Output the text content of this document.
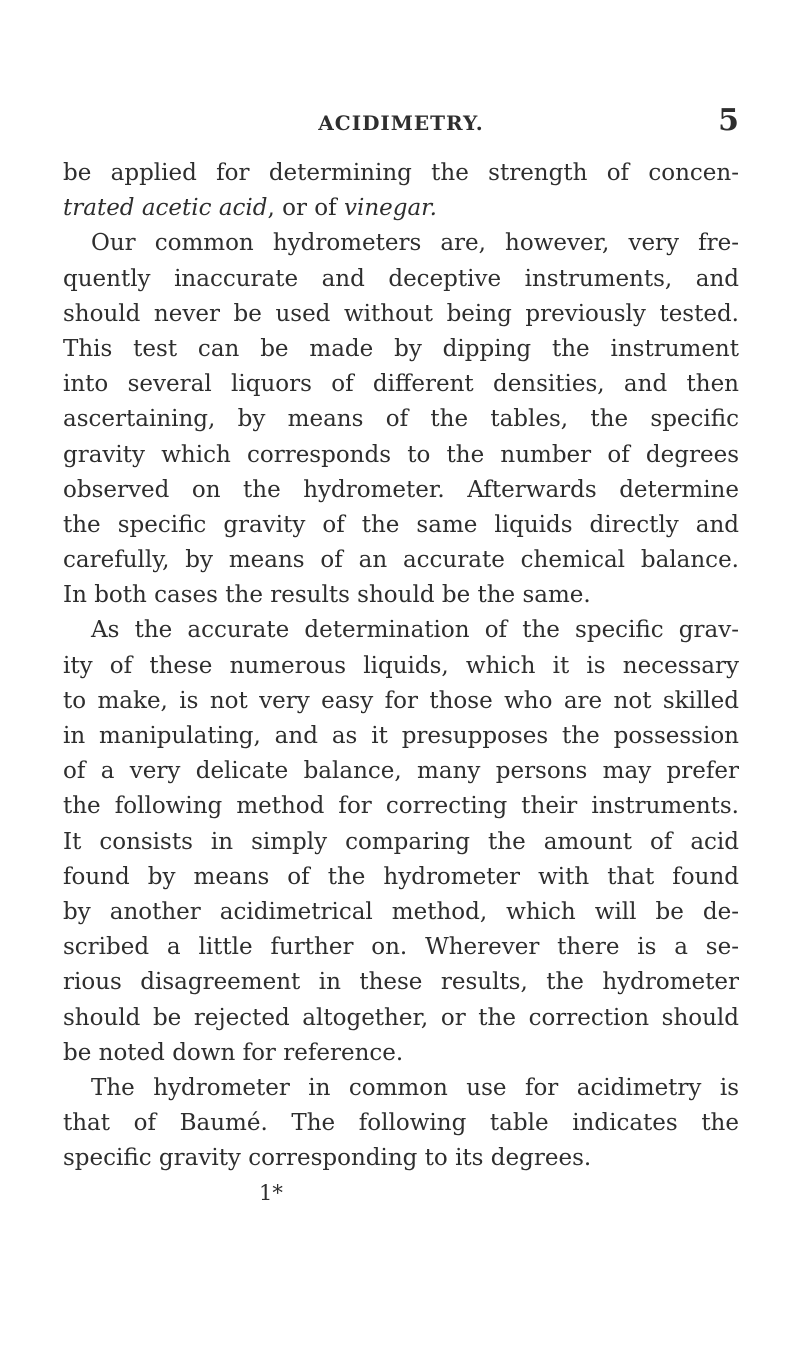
ACIDIMETRY.	5
be applied for determining the strength of concen-
trated acetic acid, or of vinegar.
Our common hydrometers are, however, very fre-
quently inaccurate and deceptive instruments, and
should never be used without being previously tested.
This test can be made by dipping the instrument
into several liquors of different densities, and then
ascertaining, by means of the tables, the specific
gravity which corresponds to the number of degrees
observed on the hydrometer. Afterwards determine
the specific gravity of the same liquids directly and
carefully, by means of an accurate chemical balance.
In both cases the results should be the same.
As the accurate determination of the specific grav-
ity of these numerous liquids, which it is necessary
to make, is not very easy for those who are not skilled
in manipulating, and as it presupposes the possession
of a very delicate balance, many persons may prefer
the following method for correcting their instruments.
It consists in simply comparing the amount of acid
found by means of the hydrometer with that found
by another acidimetrical method, which will be de-
scribed a little further on. Wherever there is a se-
rious disagreement in these results, the hydrometer
should be rejected altogether, or the correction should
be noted down for reference.
The hydrometer in common use for acidimetry is
that of Baumé. The following table indicates the
specific gravity corresponding to its degrees.
1*
